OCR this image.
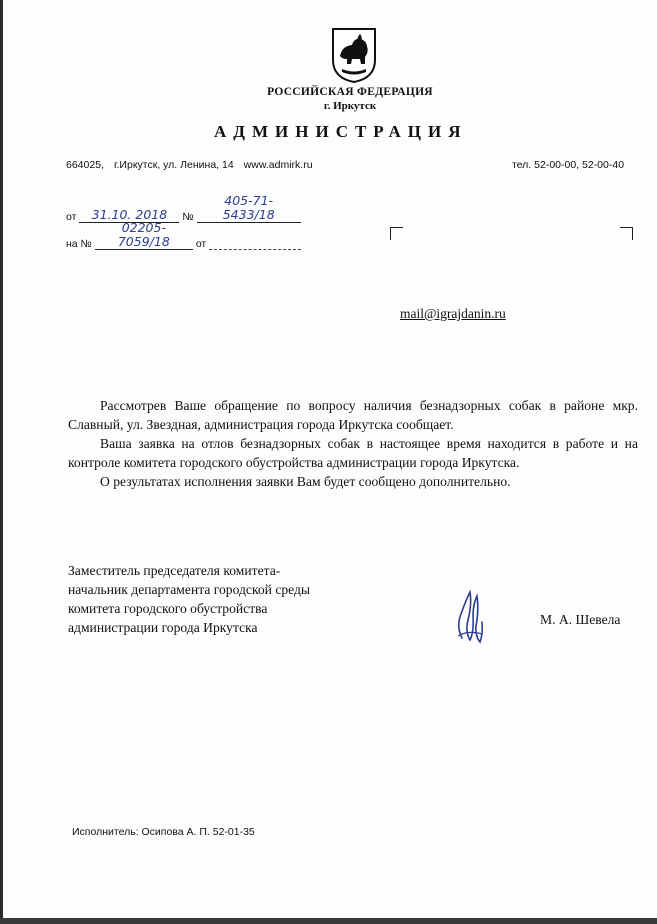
РОССИЙСКАЯ ФЕДЕРАЦИЯ
г. Иркутск
АДМИНИСТРАЦИЯ
664025, г.Иркутск, ул. Ленина, 14 www.admirk.ru	тел. 52-00-00, 52-00-40
от	31.10. 2018	№
405-71-5433/18
на №
02205-7059/18	от
mail@igrajdanin.ru

Рассмотрев Ваше обращение по вопросу наличия безнадзорных собак в районе мкр. Славный, ул. Звездная, администрация города Иркутска сообщает.

Ваша заявка на отлов безнадзорных собак в настоящее время находится в работе и на контроле комитета городского обустройства администрации города Иркутска.

О результатах исполнения заявки Вам будет сообщено дополнительно.

Заместитель председателя комитета-
начальник департамента городской среды
комитета городского обустройства
администрации города Иркутска
М. А. Шевела
Исполнитель: Осипова А. П. 52-01-35
